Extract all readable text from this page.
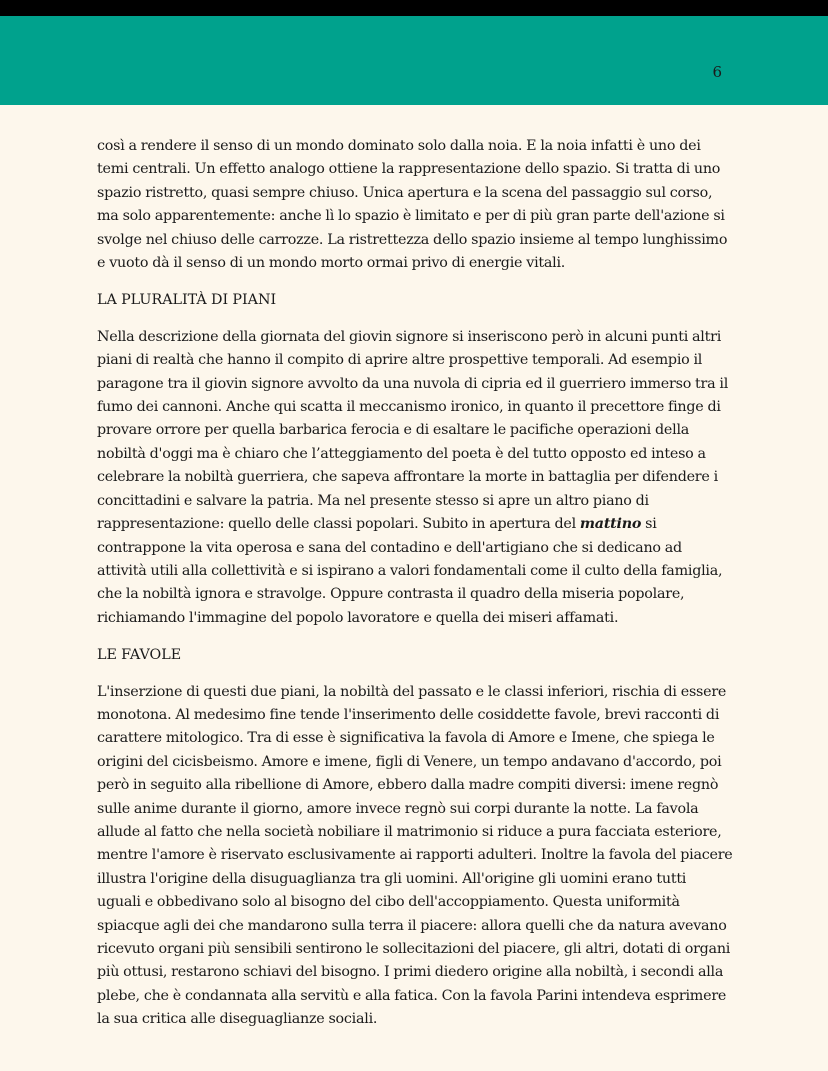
6

così a rendere il senso di un mondo dominato solo dalla noia. E la noia infatti è uno dei temi centrali. Un effetto analogo ottiene la rappresentazione dello spazio. Si tratta di uno spazio ristretto, quasi sempre chiuso. Unica apertura e la scena del passaggio sul corso, ma solo apparentemente: anche lì lo spazio è limitato e per di più gran parte dell'azione si svolge nel chiuso delle carrozze. La ristrettezza dello spazio insieme al tempo lunghissimo e vuoto dà il senso di un mondo morto ormai privo di energie vitali.

LA PLURALITÀ DI PIANI

Nella descrizione della giornata del giovin signore si inseriscono però in alcuni punti altri piani di realtà che hanno il compito di aprire altre prospettive temporali. Ad esempio il paragone tra il giovin signore avvolto da una nuvola di cipria ed il guerriero immerso tra il fumo dei cannoni. Anche qui scatta il meccanismo ironico, in quanto il precettore finge di provare orrore per quella barbarica ferocia e di esaltare le pacifiche operazioni della nobiltà d'oggi ma è chiaro che l’atteggiamento del poeta è del tutto opposto ed inteso a celebrare la nobiltà guerriera, che sapeva affrontare la morte in battaglia per difendere i concittadini e salvare la patria. Ma nel presente stesso si apre un altro piano di rappresentazione: quello delle classi popolari. Subito in apertura del mattino si contrappone la vita operosa e sana del contadino e dell'artigiano che si dedicano ad attività utili alla collettività e si ispirano a valori fondamentali come il culto della famiglia, che la nobiltà ignora e stravolge. Oppure contrasta il quadro della miseria popolare, richiamando l'immagine del popolo lavoratore e quella dei miseri affamati.

LE FAVOLE

L'inserzione di questi due piani, la nobiltà del passato e le classi inferiori, rischia di essere monotona. Al medesimo fine tende l'inserimento delle cosiddette favole, brevi racconti di carattere mitologico. Tra di esse è significativa la favola di Amore e Imene, che spiega le origini del cicisbeismo. Amore e imene, figli di Venere, un tempo andavano d'accordo, poi però in seguito alla ribellione di Amore, ebbero dalla madre compiti diversi: imene regnò sulle anime durante il giorno, amore invece regnò sui corpi durante la notte. La favola allude al fatto che nella società nobiliare il matrimonio si riduce a pura facciata esteriore, mentre l'amore è riservato esclusivamente ai rapporti adulteri. Inoltre la favola del piacere illustra l'origine della disuguaglianza tra gli uomini. All'origine gli uomini erano tutti uguali e obbedivano solo al bisogno del cibo dell'accoppiamento. Questa uniformità spiacque agli dei che mandarono sulla terra il piacere: allora quelli che da natura avevano ricevuto organi più sensibili sentirono le sollecitazioni del piacere, gli altri, dotati di organi più ottusi, restarono schiavi del bisogno. I primi diedero origine alla nobiltà, i secondi alla plebe, che è condannata alla servitù e alla fatica. Con la favola Parini intendeva esprimere la sua critica alle diseguaglianze sociali.
